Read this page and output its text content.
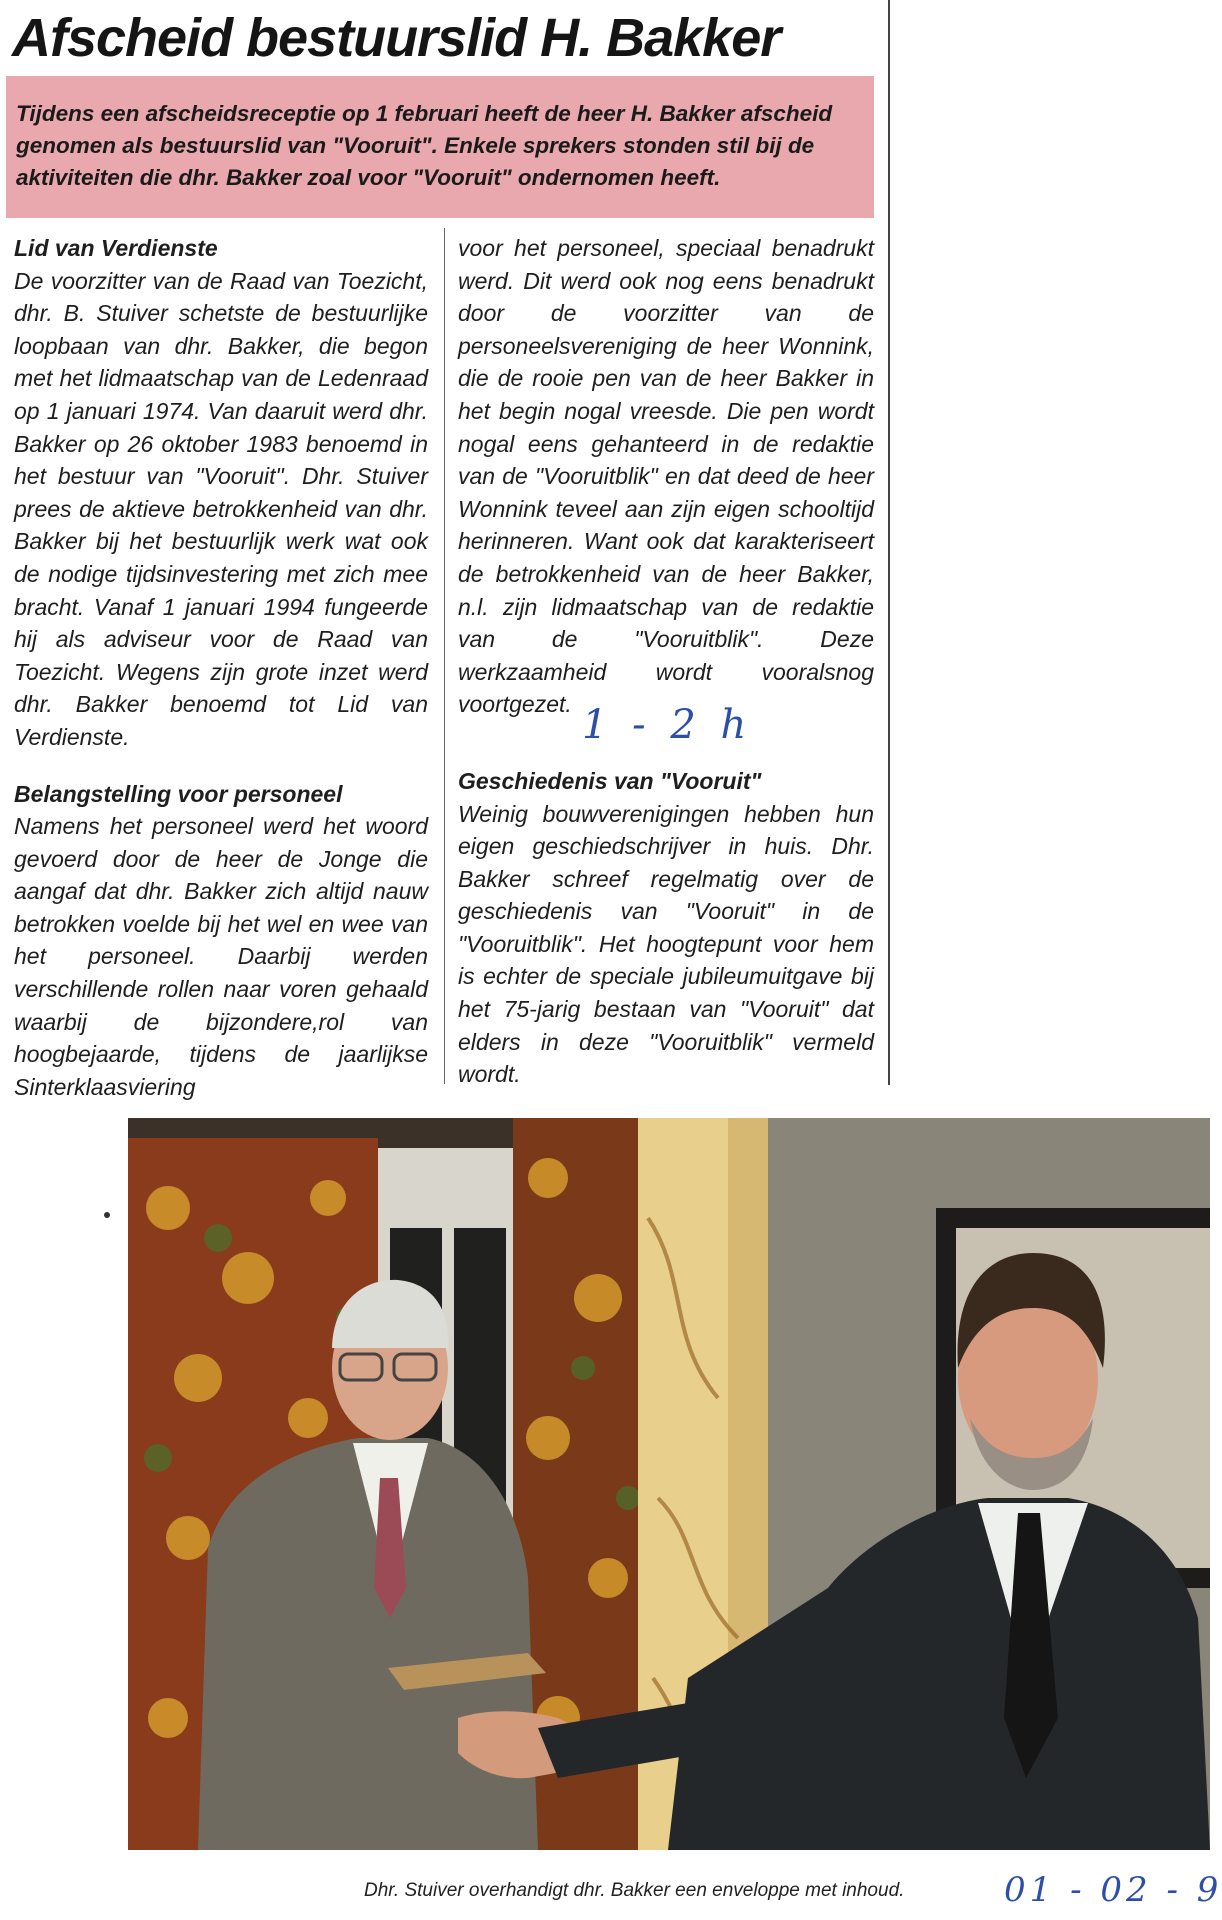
Afscheid bestuurslid H. Bakker

Tijdens een afscheidsreceptie op 1 februari heeft de heer H. Bakker afscheid genomen als bestuurslid van "Vooruit". Enkele sprekers stonden stil bij de aktiviteiten die dhr. Bakker zoal voor "Vooruit" ondernomen heeft.

Lid van Verdienste

De voorzitter van de Raad van Toezicht, dhr. B. Stuiver schetste de bestuurlijke loopbaan van dhr. Bakker, die begon met het lidmaatschap van de Ledenraad op 1 januari 1974. Van daaruit werd dhr. Bakker op 26 oktober 1983 benoemd in het bestuur van "Vooruit". Dhr. Stuiver prees de aktieve betrokkenheid van dhr. Bakker bij het bestuurlijk werk wat ook de nodige tijdsinvestering met zich mee bracht. Vanaf 1 januari 1994 fungeerde hij als adviseur voor de Raad van Toezicht. Wegens zijn grote inzet werd dhr. Bakker benoemd tot Lid van Verdienste.

Belangstelling voor personeel

Namens het personeel werd het woord gevoerd door de heer de Jonge die aangaf dat dhr. Bakker zich altijd nauw betrokken voelde bij het wel en wee van het personeel. Daarbij werden verschillende rollen naar voren gehaald waarbij de bijzondere,rol van hoogbejaarde, tijdens de jaarlijkse Sinterklaasviering

voor het personeel, speciaal benadrukt werd. Dit werd ook nog eens benadrukt door de voorzitter van de personeelsvereniging de heer Wonnink, die de rooie pen van de heer Bakker in het begin nogal vreesde. Die pen wordt nogal eens gehanteerd in de redaktie van de "Vooruitblik" en dat deed de heer Wonnink teveel aan zijn eigen schooltijd herinneren. Want ook dat karakteriseert de betrokkenheid van de heer Bakker, n.l. zijn lidmaatschap van de redaktie van de "Vooruitblik". Deze werkzaamheid wordt vooralsnog voortgezet.

Geschiedenis van "Vooruit"

Weinig bouwverenigingen hebben hun eigen geschiedschrijver in huis. Dhr. Bakker schreef regelmatig over de geschiedenis van "Vooruit" in de "Vooruitblik". Het hoogtepunt voor hem is echter de speciale jubileumuitgave bij het 75-jarig bestaan van "Vooruit" dat elders in deze "Vooruitblik" vermeld wordt.

1 - 2 h
Dhr. Stuiver overhandigt dhr. Bakker een enveloppe met inhoud.	01 - 02 - 9
